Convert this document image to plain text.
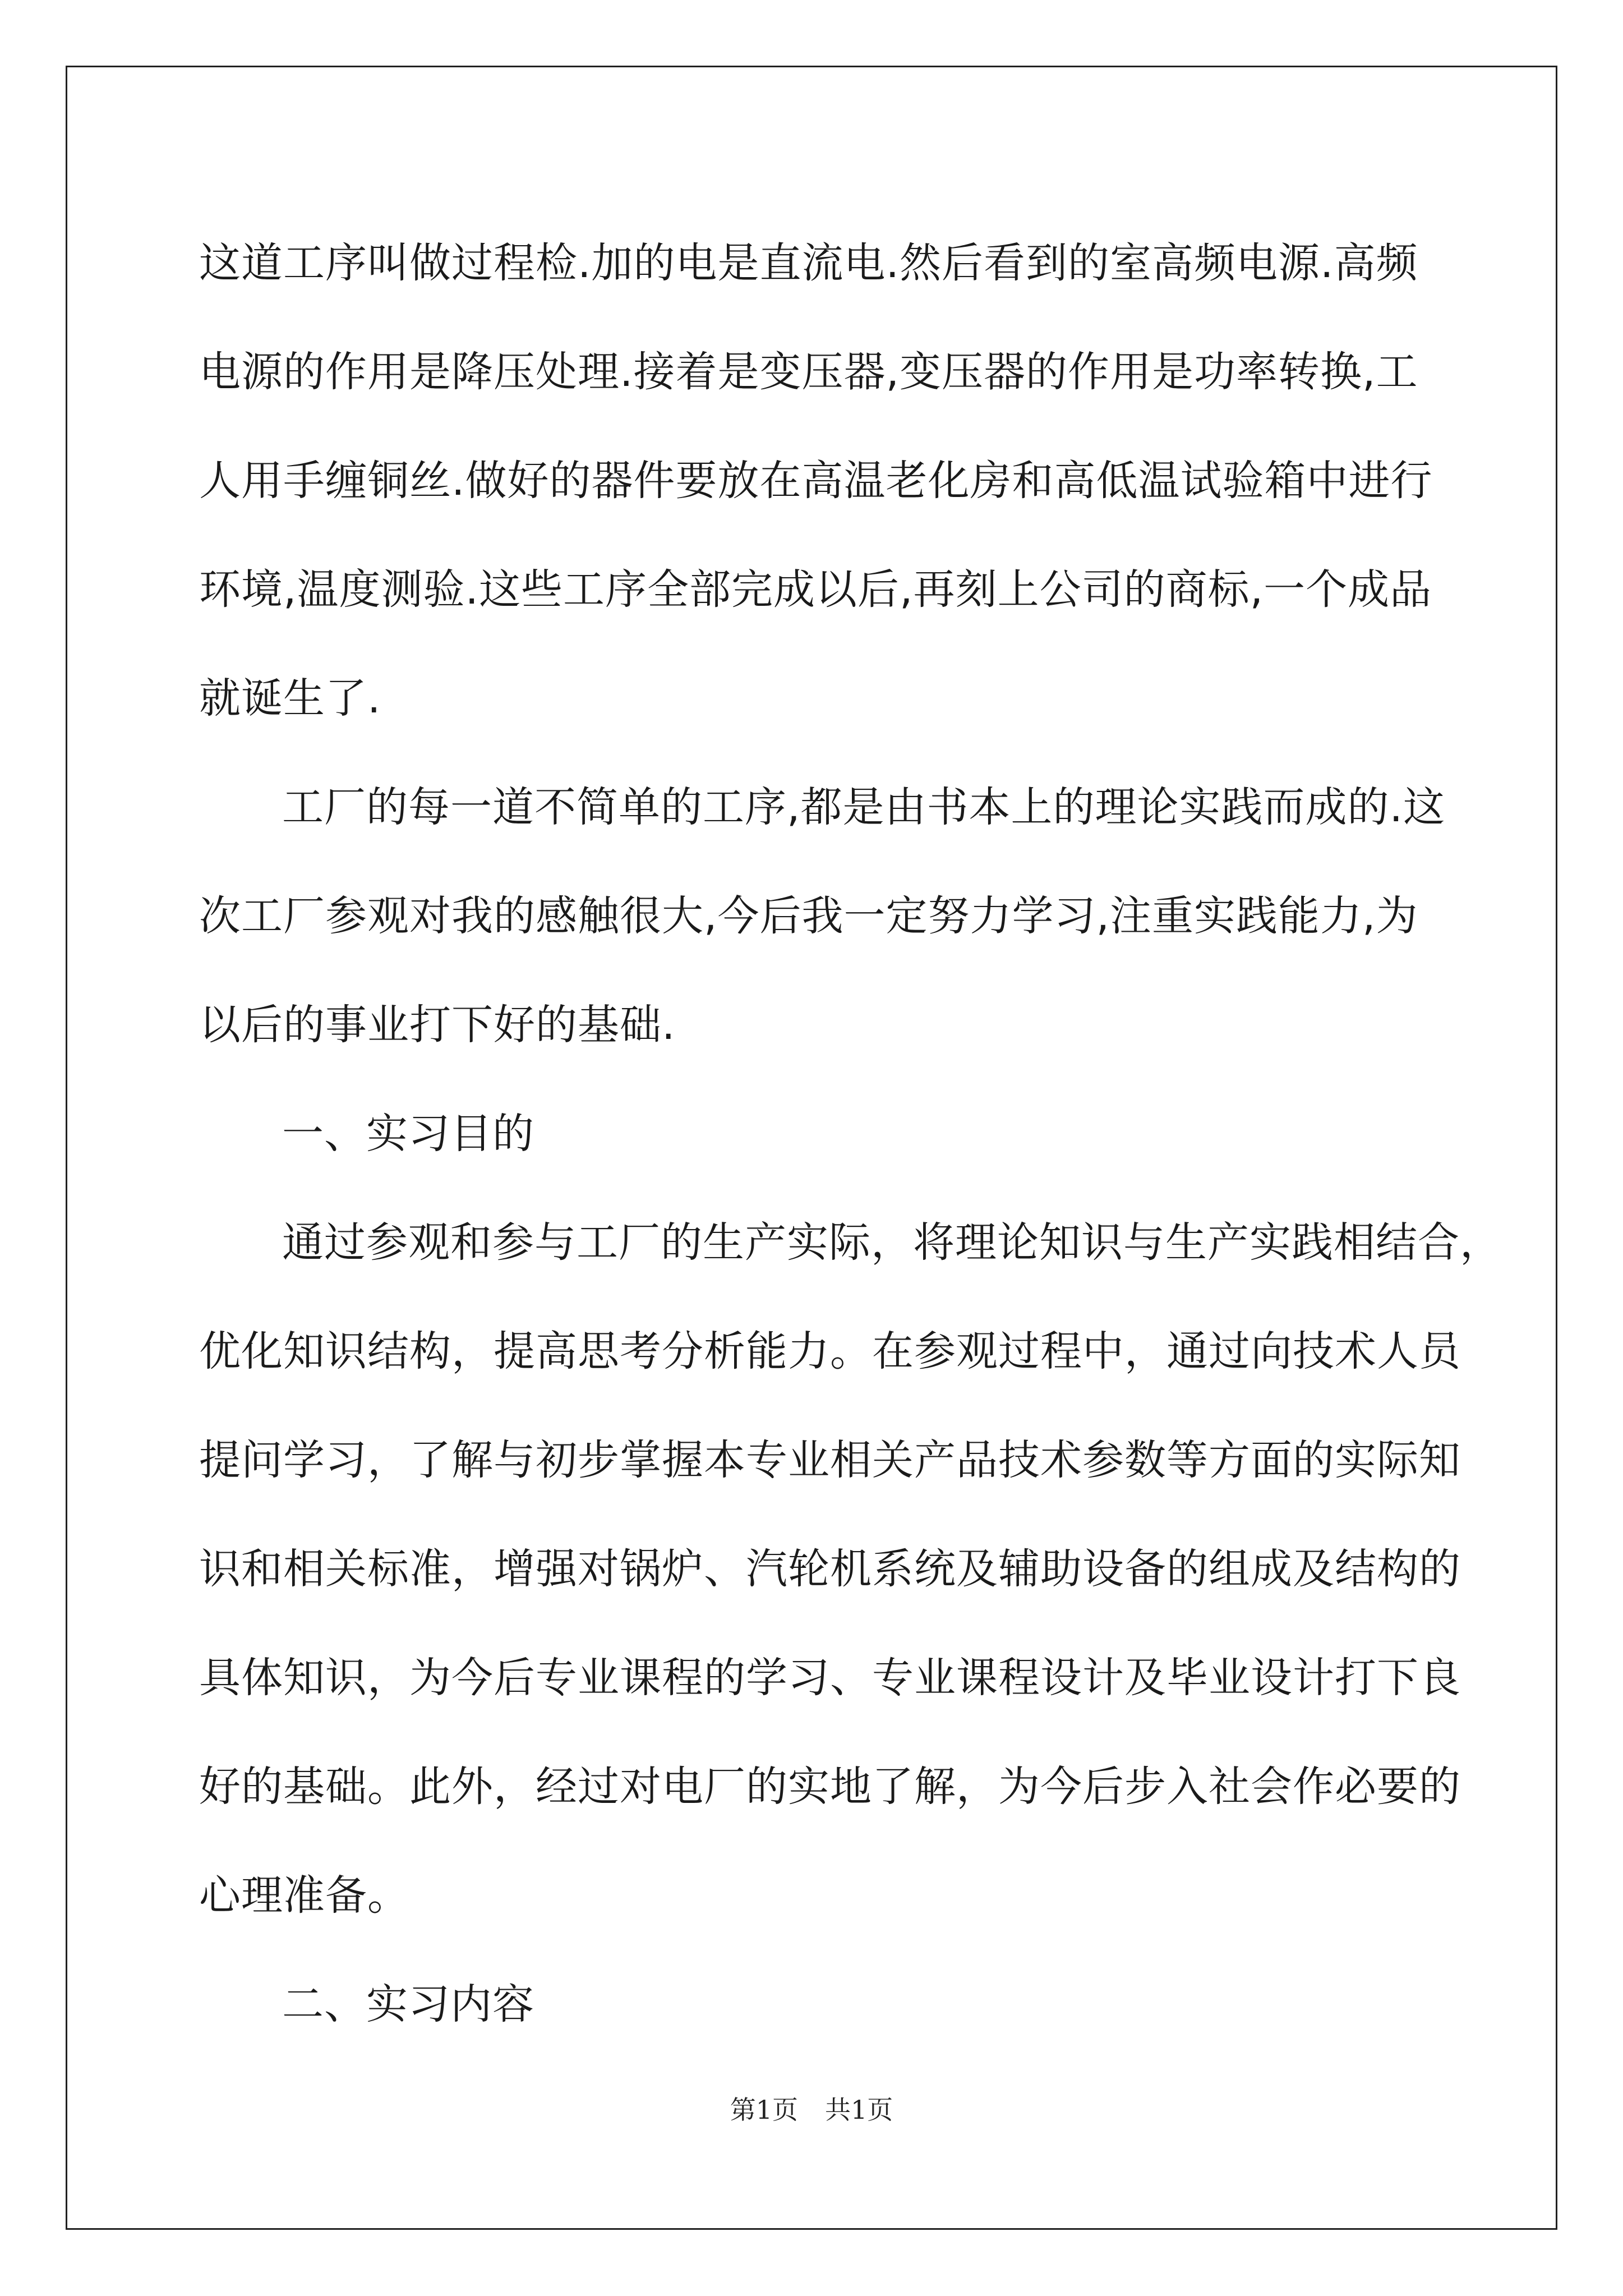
这道工序叫做过程检.加的电是直流电.然后看到的室高频电源.高频
电源的作用是降压处理.接着是变压器,变压器的作用是功率转换,工
人用手缠铜丝.做好的器件要放在高温老化房和高低温试验箱中进行
环境,温度测验.这些工序全部完成以后,再刻上公司的商标,一个成品
就诞生了.
工厂的每一道不简单的工序,都是由书本上的理论实践而成的.这
次工厂参观对我的感触很大,今后我一定努力学习,注重实践能力,为
以后的事业打下好的基础.
一、实习目的
通过参观和参与工厂的生产实际，将理论知识与生产实践相结合，
优化知识结构，提高思考分析能力。在参观过程中，通过向技术人员
提问学习，了解与初步掌握本专业相关产品技术参数等方面的实际知
识和相关标准，增强对锅炉、汽轮机系统及辅助设备的组成及结构的
具体知识，为今后专业课程的学习、专业课程设计及毕业设计打下良
好的基础。此外，经过对电厂的实地了解，为今后步入社会作必要的
心理准备。
二、实习内容
第1页 共1页
